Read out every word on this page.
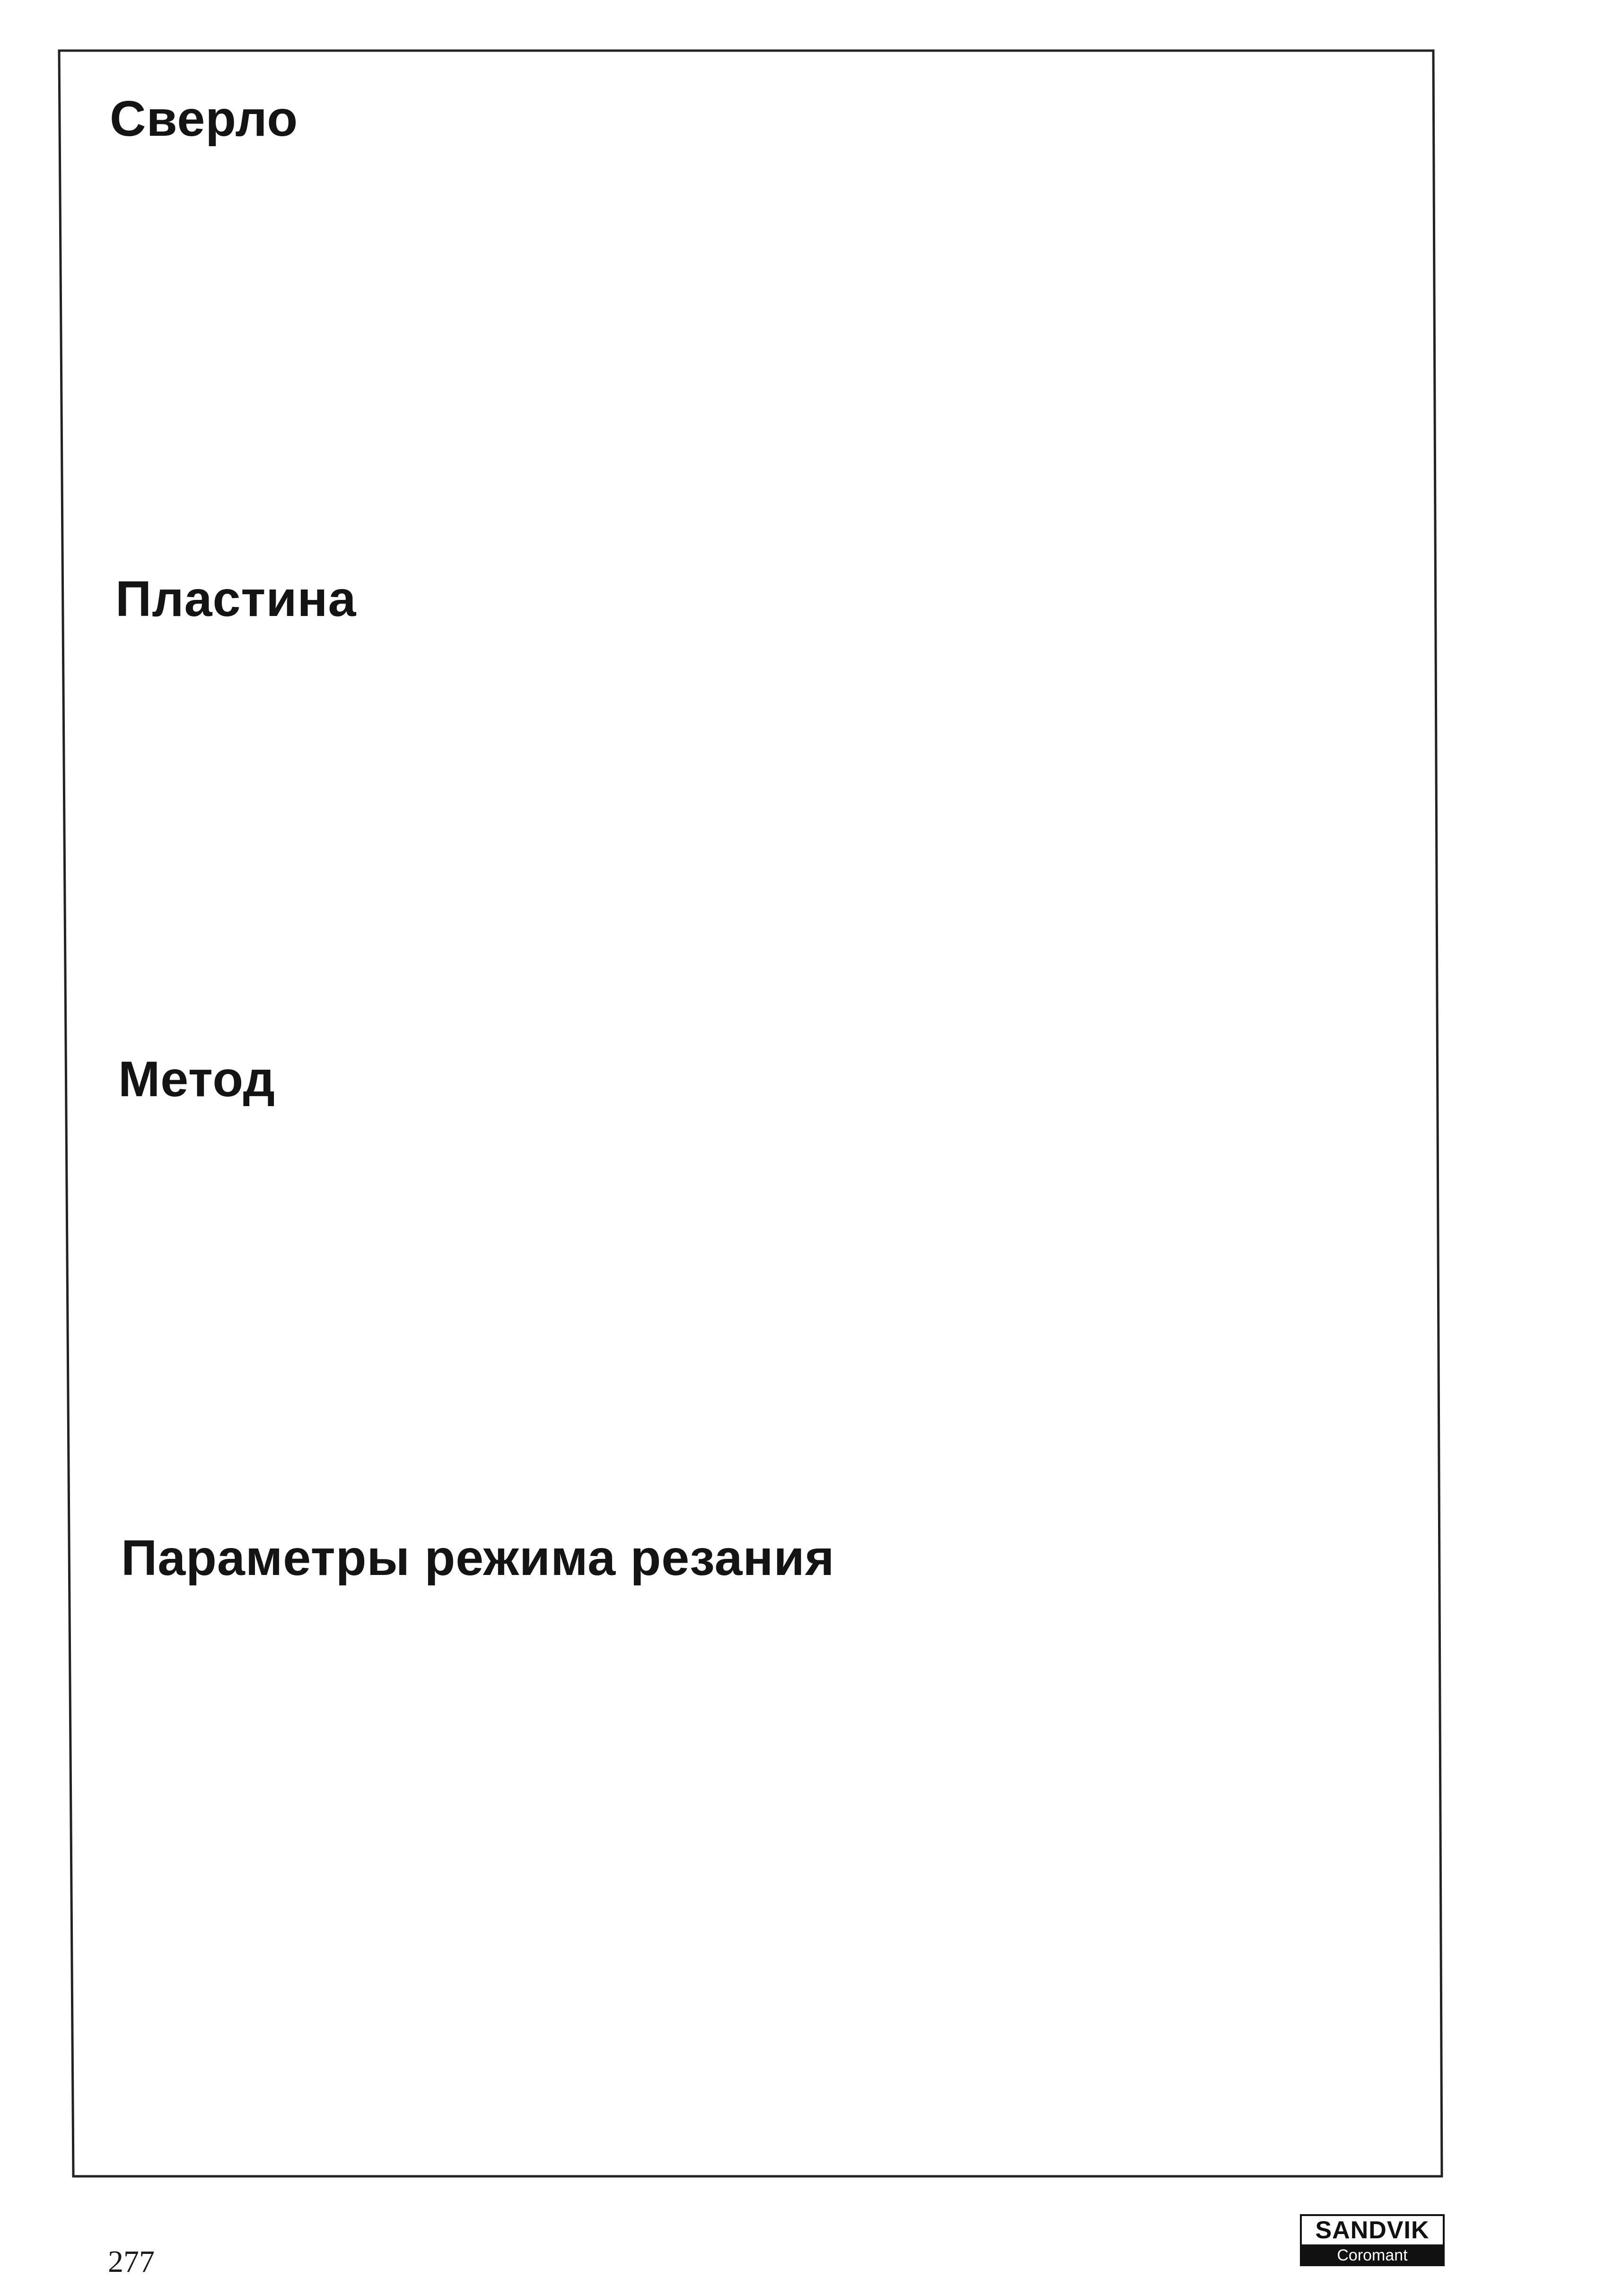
Сверло
Пластина
Метод
Параметры режима резания
277
SANDVIK
Coromant
